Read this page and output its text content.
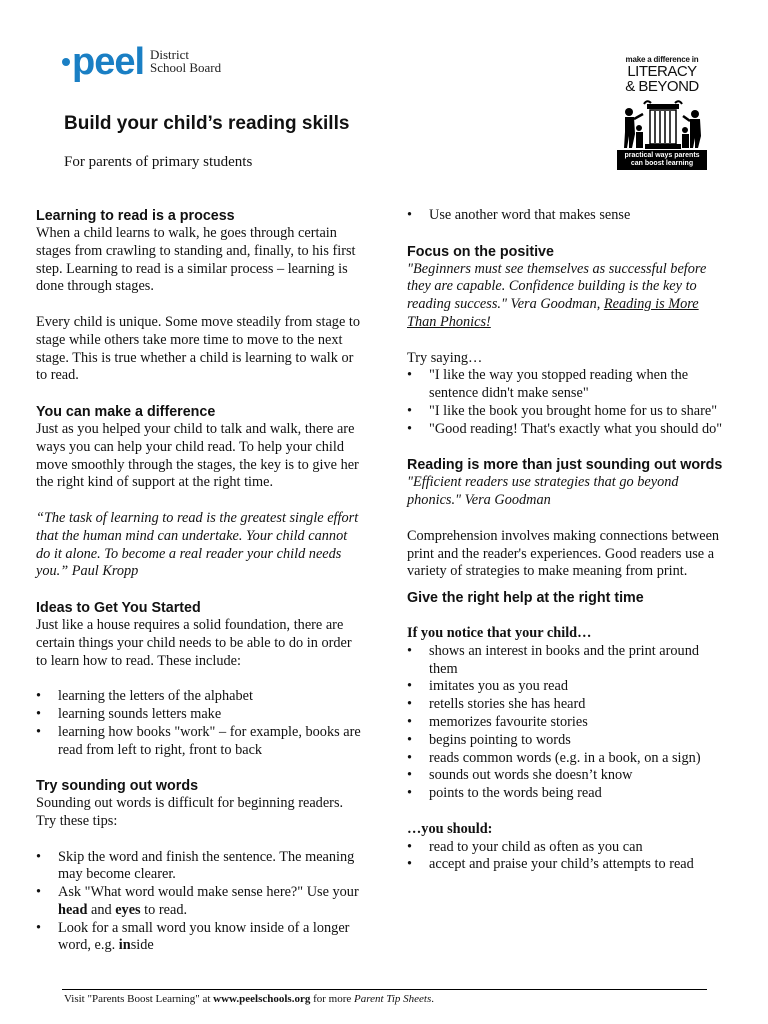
peel District
School Board
Build your child’s reading skills
For parents of primary students
make a difference in
LITERACY
& BEYOND
practical ways parents
can boost learning
Learning to read is a process

When a child learns to walk, he goes through certain stages from crawling to standing and, finally, to his first step. Learning to read is a similar process – learning is done through stages.

Every child is unique. Some move steadily from stage to stage while others take more time to move to the next stage. This is true whether a child is learning to walk or to read.

You can make a difference

Just as you helped your child to talk and walk, there are ways you can help your child read. To help your child move smoothly through the stages, the key is to give her the right kind of support at the right time.

“The task of learning to read is the greatest single effort that the human mind can undertake. Your child cannot do it alone. To become a real reader your child needs you.” Paul Kropp

Ideas to Get You Started

Just like a house requires a solid foundation, there are certain things your child needs to be able to do in order to learn how to read. These include:

• learning the letters of the alphabet
• learning sounds letters make
• learning how books "work" – for example, books are read from left to right, front to back
Try sounding out words

Sounding out words is difficult for beginning readers. Try these tips:

• Skip the word and finish the sentence. The meaning may become clearer.
• Ask "What word would make sense here?" Use your head and eyes to read.
• Look for a small word you know inside of a longer word, e.g. inside
• Use another word that makes sense
Focus on the positive

"Beginners must see themselves as successful before they are capable. Confidence building is the key to reading success." Vera Goodman, Reading is More Than Phonics!

Try saying…

• "I like the way you stopped reading when the sentence didn't make sense"
• "I like the book you brought home for us to share"
• "Good reading! That's exactly what you should do"
Reading is more than just sounding out words

"Efficient readers use strategies that go beyond phonics." Vera Goodman

Comprehension involves making connections between print and the reader's experiences. Good readers use a variety of strategies to make meaning from print.

Give the right help at the right time

If you notice that your child…

• shows an interest in books and the print around them
• imitates you as you read
• retells stories she has heard
• memorizes favourite stories
• begins pointing to words
• reads common words (e.g. in a book, on a sign)
• sounds out words she doesn’t know
• points to the words being read

…you should:

• read to your child as often as you can
• accept and praise your child’s attempts to read
Visit "Parents Boost Learning" at www.peelschools.org for more Parent Tip Sheets.
